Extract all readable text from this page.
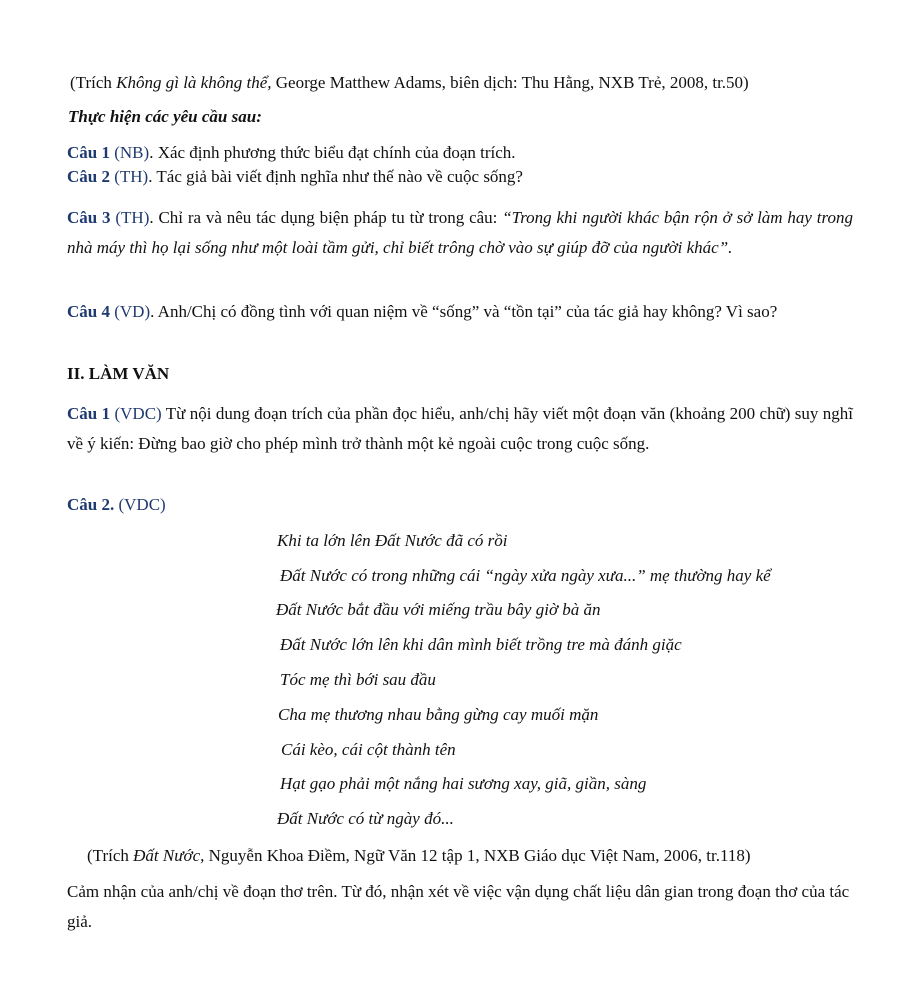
(Trích Không gì là không thể, George Matthew Adams, biên dịch: Thu Hằng, NXB Trẻ, 2008, tr.50)
Thực hiện các yêu cầu sau:
Câu 1 (NB). Xác định phương thức biểu đạt chính của đoạn trích.
Câu 2 (TH). Tác giả bài viết định nghĩa như thế nào về cuộc sống?
Câu 3 (TH). Chỉ ra và nêu tác dụng biện pháp tu từ trong câu: “Trong khi người khác bận rộn ở sở làm hay trong nhà máy thì họ lại sống như một loài tầm gửi, chỉ biết trông chờ vào sự giúp đỡ của người khác”.
Câu 4 (VD). Anh/Chị có đồng tình với quan niệm về “sống” và “tồn tại” của tác giả hay không? Vì sao?
II. LÀM VĂN
Câu 1 (VDC) Từ nội dung đoạn trích của phần đọc hiểu, anh/chị hãy viết một đoạn văn (khoảng 200 chữ) suy nghĩ về ý kiến: Đừng bao giờ cho phép mình trở thành một kẻ ngoài cuộc trong cuộc sống.
Câu 2. (VDC)
Khi ta lớn lên Đất Nước đã có rồi
Đất Nước có trong những cái “ngày xửa ngày xưa...” mẹ thường hay kể
Đất Nước bắt đầu với miếng trầu bây giờ bà ăn
Đất Nước lớn lên khi dân mình biết trồng tre mà đánh giặc
Tóc mẹ thì bới sau đầu
Cha mẹ thương nhau bằng gừng cay muối mặn
Cái kèo, cái cột thành tên
Hạt gạo phải một nắng hai sương xay, giã, giần, sàng
Đất Nước có từ ngày đó...
(Trích Đất Nước, Nguyễn Khoa Điềm, Ngữ Văn 12 tập 1, NXB Giáo dục Việt Nam, 2006, tr.118)
Cảm nhận của anh/chị về đoạn thơ trên. Từ đó, nhận xét về việc vận dụng chất liệu dân gian trong đoạn thơ của tác giả.
